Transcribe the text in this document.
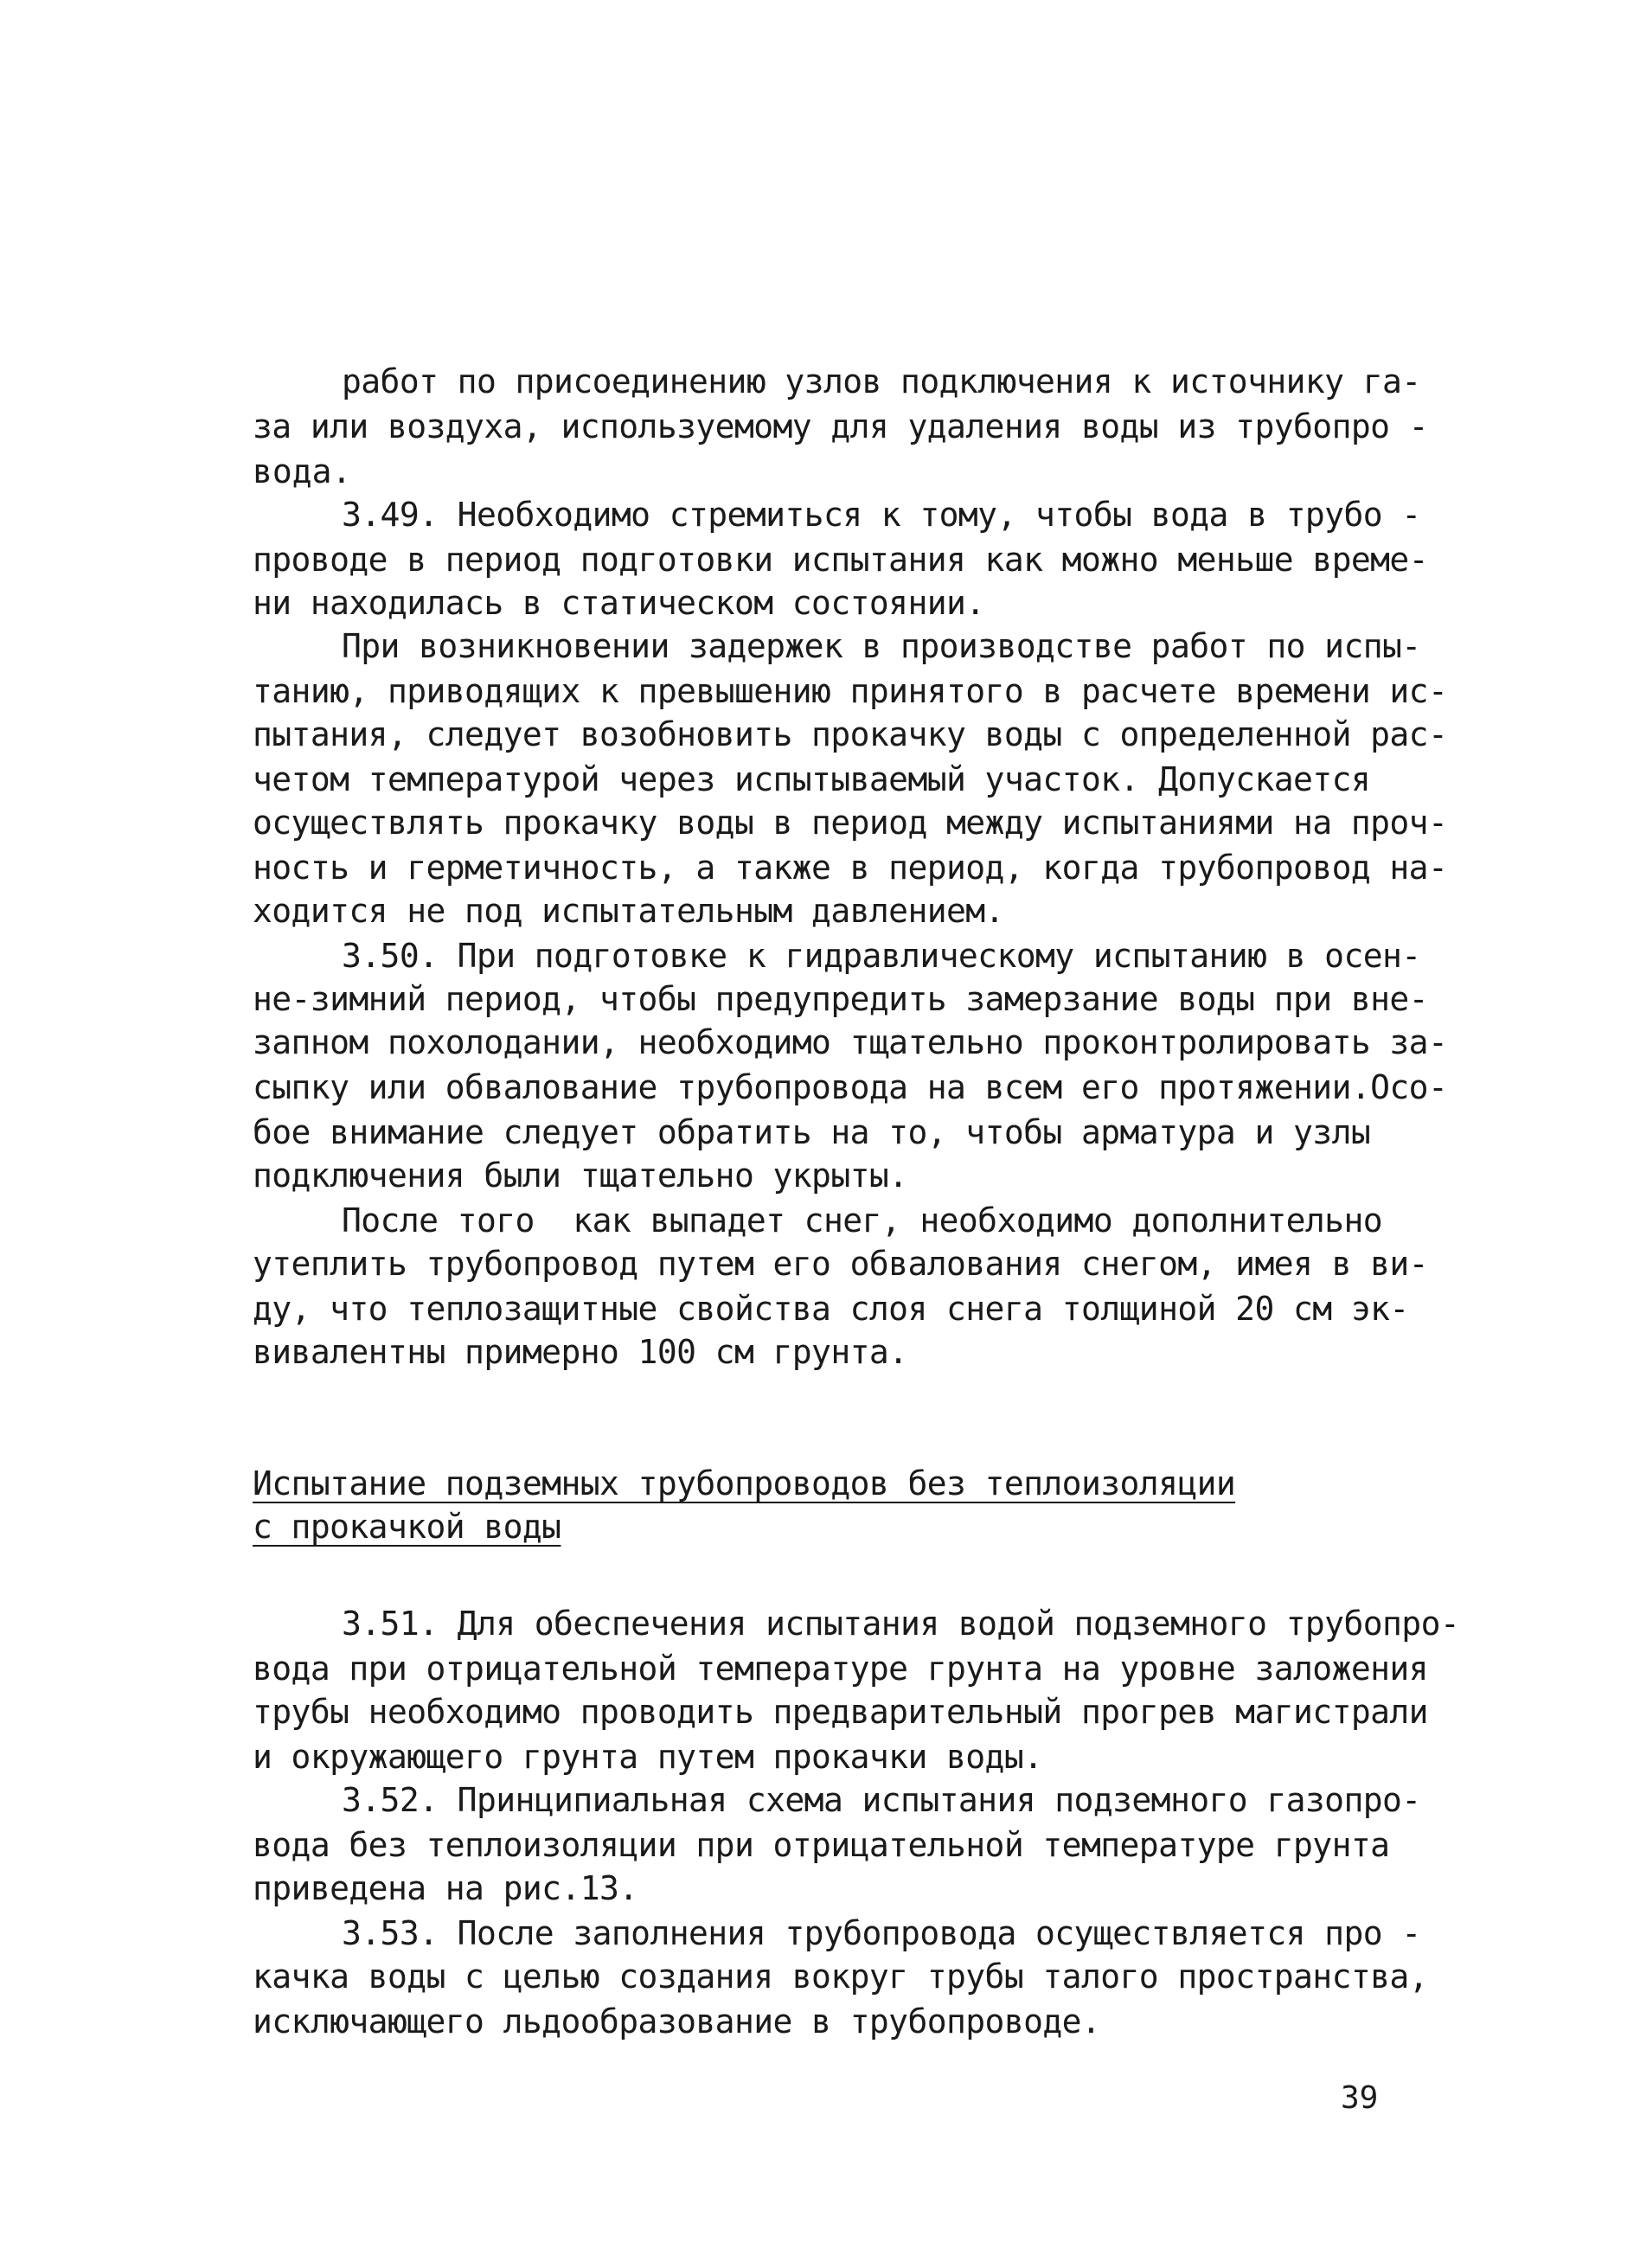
работ по присоединению узлов подключения к источнику га-
за или воздуха, используемому для удаления воды из трубопро -
вода.
3.49. Необходимо стремиться к тому, чтобы вода в трубо -
проводе в период подготовки испытания как можно меньше време-
ни находилась в статическом состоянии.
При возникновении задержек в производстве работ по испы-
танию, приводящих к превышению принятого в расчете времени ис-
пытания, следует возобновить прокачку воды с определенной рас-
четом температурой через испытываемый участок. Допускается
осуществлять прокачку воды в период между испытаниями на проч-
ность и герметичность, а также в период, когда трубопровод на-
ходится не под испытательным давлением.
3.50. При подготовке к гидравлическому испытанию в осен-
не-зимний период, чтобы предупредить замерзание воды при вне-
запном похолодании, необходимо тщательно проконтролировать за-
сыпку или обвалование трубопровода на всем его протяжении.Осо-
бое внимание следует обратить на то, чтобы арматура и узлы
подключения были тщательно укрыты.
После того  как выпадет снег, необходимо дополнительно
утеплить трубопровод путем его обвалования снегом, имея в ви-
ду, что теплозащитные свойства слоя снега толщиной 20 см эк-
вивалентны примерно 100 см грунта.
Испытание подземных трубопроводов без теплоизоляции
с прокачкой воды
3.51. Для обеспечения испытания водой подземного трубопро-
вода при отрицательной температуре грунта на уровне заложения
трубы необходимо проводить предварительный прогрев магистрали
и окружающего грунта путем прокачки воды.
3.52. Принципиальная схема испытания подземного газопро-
вода без теплоизоляции при отрицательной температуре грунта
приведена на рис.13.
3.53. После заполнения трубопровода осуществляется про -
качка воды с целью создания вокруг трубы талого пространства,
исключающего льдообразование в трубопроводе.
39
